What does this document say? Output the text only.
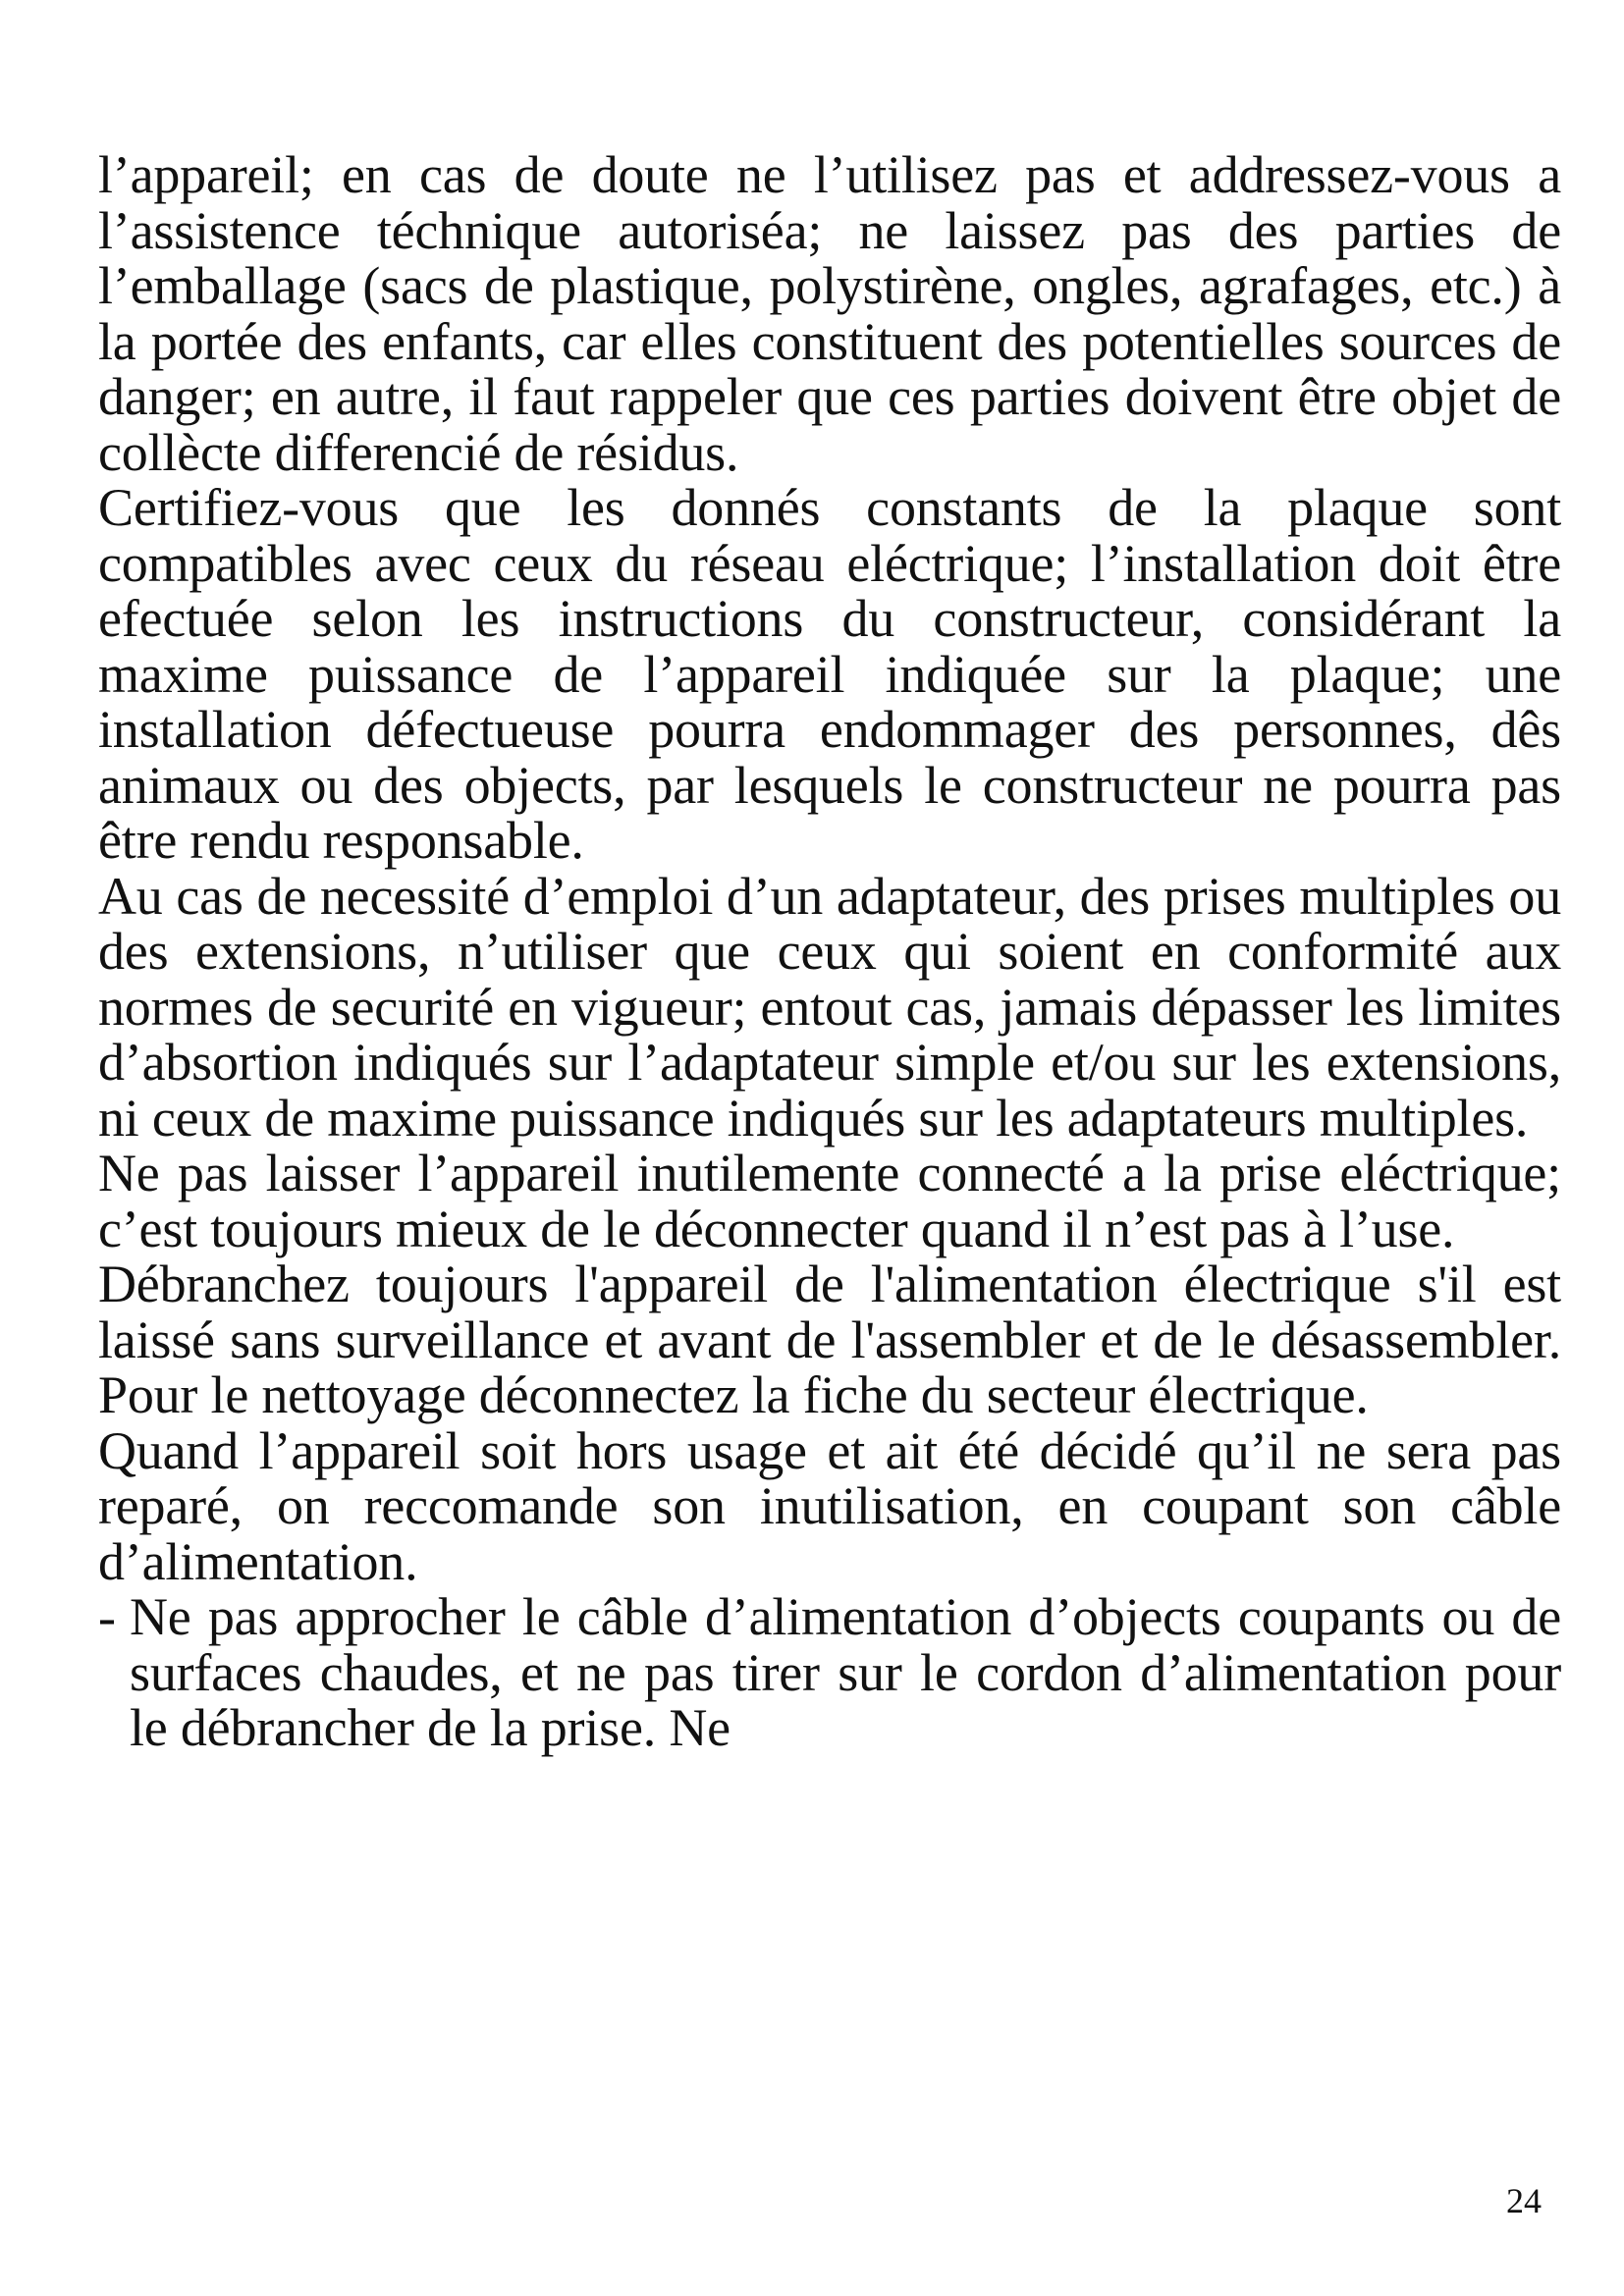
l’appareil; en cas de doute ne l’utilisez pas et addressez-vous a l’assistence téchnique autoriséa; ne laissez pas des parties de l’emballage (sacs de plastique, polystirène, ongles, agrafages, etc.) à la portée des enfants, car elles constituent des potentielles sources de danger; en autre, il faut rappeler que ces parties doivent être objet de collècte differencié de résidus.

Certifiez-vous que les donnés constants de la plaque sont compatibles avec ceux du réseau eléctrique; l’installation doit être efectuée selon les instructions du constructeur, considérant la maxime puissance de l’appareil indiquée sur la plaque; une installation défectueuse pourra endommager des personnes, dês animaux ou des objects, par lesquels le constructeur ne pourra pas être rendu responsable.

Au cas de necessité d’emploi d’un adaptateur, des prises multiples ou des extensions, n’utiliser que ceux qui soient en conformité aux normes de securité en vigueur; entout cas, jamais dépasser les limites d’absortion indiqués sur l’adaptateur simple et/ou sur les extensions, ni ceux de maxime puissance indiqués sur les adaptateurs multiples.

Ne pas laisser l’appareil inutilemente connecté a la prise eléctrique; c’est toujours mieux de le déconnecter quand il n’est pas à l’use.

Débranchez toujours l'appareil de l'alimentation électrique s'il est laissé sans surveillance et avant de l'assembler et de le désassembler. Pour le nettoyage déconnectez la fiche du secteur électrique.

Quand l’appareil soit hors usage et ait été décidé qu’il ne sera pas reparé, on reccomande son inutilisation, en coupant son câble d’alimentation.

- Ne pas approcher le câble d’alimentation d’objects coupants ou de surfaces chaudes, et ne pas tirer sur le cordon d’alimentation pour le débrancher de la prise. Ne
24
